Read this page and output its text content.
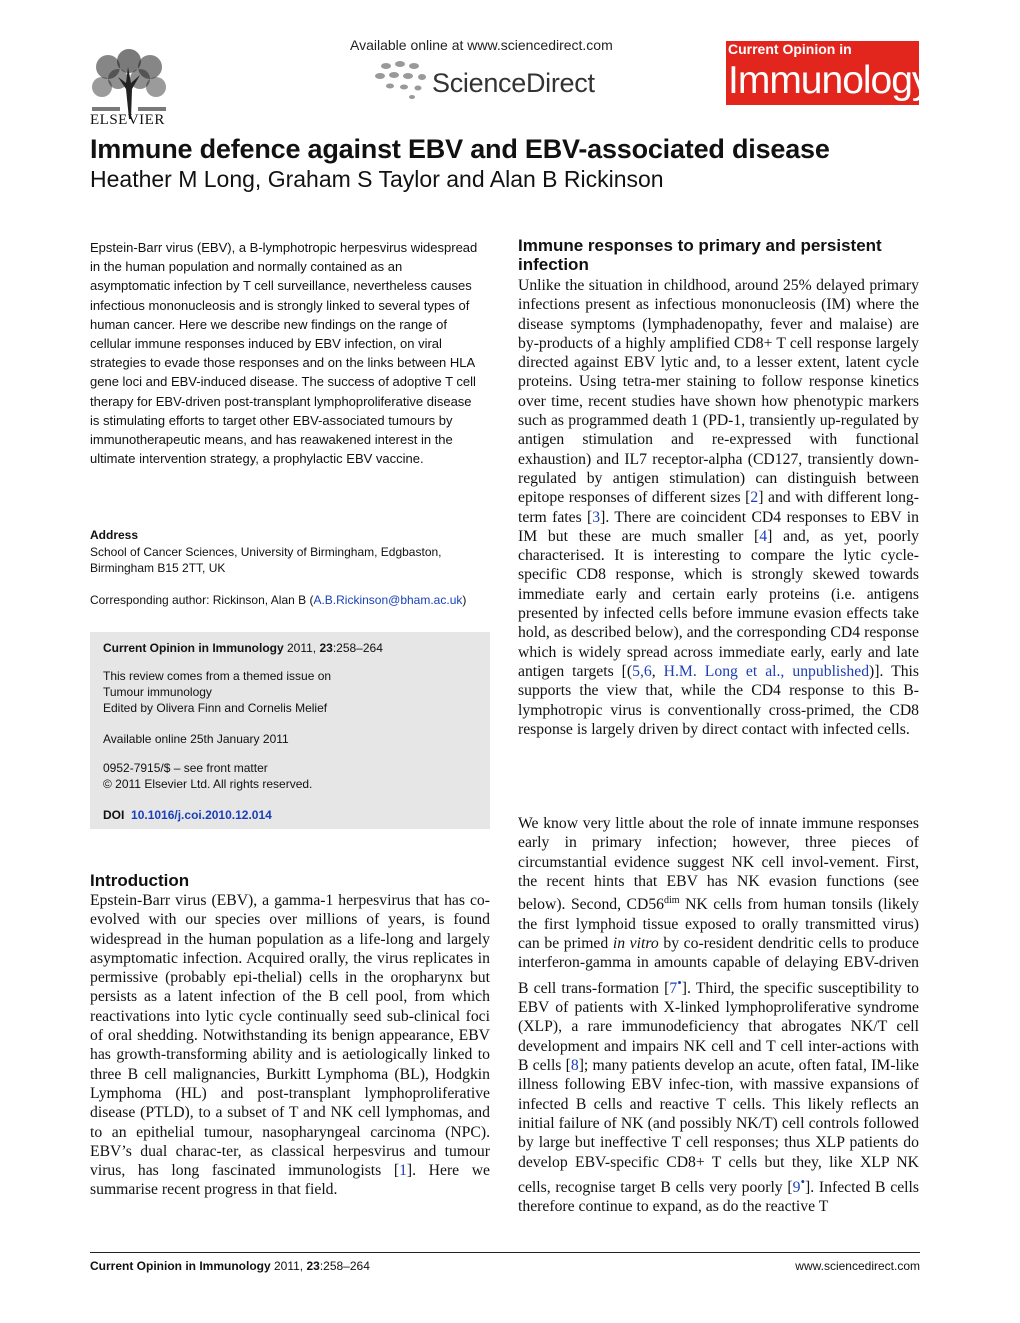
ELSEVIER
Available online at www.sciencedirect.com
ScienceDirect
Current Opinion in
Immunology
Immune defence against EBV and EBV-associated disease
Heather M Long, Graham S Taylor and Alan B Rickinson

Epstein-Barr virus (EBV), a B-lymphotropic herpesvirus widespread in the human population and normally contained as an asymptomatic infection by T cell surveillance, nevertheless causes infectious mononucleosis and is strongly linked to several types of human cancer. Here we describe new findings on the range of cellular immune responses induced by EBV infection, on viral strategies to evade those responses and on the links between HLA gene loci and EBV-induced disease. The success of adoptive T cell therapy for EBV-driven post-transplant lymphoproliferative disease is stimulating efforts to target other EBV-associated tumours by immunotherapeutic means, and has reawakened interest in the ultimate intervention strategy, a prophylactic EBV vaccine.

Address
School of Cancer Sciences, University of Birmingham, Edgbaston,
Birmingham B15 2TT, UK
Corresponding author: Rickinson, Alan B (A.B.Rickinson@bham.ac.uk)
Current Opinion in Immunology 2011, 23:258–264
This review comes from a themed issue on
Tumour immunology
Edited by Olivera Finn and Cornelis Melief
Available online 25th January 2011
0952-7915/$ – see front matter
© 2011 Elsevier Ltd. All rights reserved.
DOI 10.1016/j.coi.2010.12.014
Introduction

Epstein-Barr virus (EBV), a gamma-1 herpesvirus that has co-evolved with our species over millions of years, is found widespread in the human population as a life-long and largely asymptomatic infection. Acquired orally, the virus replicates in permissive (probably epi-thelial) cells in the oropharynx but persists as a latent infection of the B cell pool, from which reactivations into lytic cycle continually seed sub-clinical foci of oral shedding. Notwithstanding its benign appearance, EBV has growth-transforming ability and is aetiologically linked to three B cell malignancies, Burkitt Lymphoma (BL), Hodgkin Lymphoma (HL) and post-transplant lymphoproliferative disease (PTLD), to a subset of T and NK cell lymphomas, and to an epithelial tumour, nasopharyngeal carcinoma (NPC). EBV’s dual charac-ter, as classical herpesvirus and tumour virus, has long fascinated immunologists [1]. Here we summarise recent progress in that field.

Immune responses to primary and persistent infection

Unlike the situation in childhood, around 25% delayed primary infections present as infectious mononucleosis (IM) where the disease symptoms (lymphadenopathy, fever and malaise) are by-products of a highly amplified CD8+ T cell response largely directed against EBV lytic and, to a lesser extent, latent cycle proteins. Using tetra-mer staining to follow response kinetics over time, recent studies have shown how phenotypic markers such as programmed death 1 (PD-1, transiently up-regulated by antigen stimulation and re-expressed with functional exhaustion) and IL7 receptor-alpha (CD127, transiently down-regulated by antigen stimulation) can distinguish between epitope responses of different sizes [2] and with different long-term fates [3]. There are coincident CD4 responses to EBV in IM but these are much smaller [4] and, as yet, poorly characterised. It is interesting to compare the lytic cycle-specific CD8 response, which is strongly skewed towards immediate early and certain early proteins (i.e. antigens presented by infected cells before immune evasion effects take hold, as described below), and the corresponding CD4 response which is widely spread across immediate early, early and late antigen targets [(5,6, H.M. Long et al., unpublished)]. This supports the view that, while the CD4 response to this B-lymphotropic virus is conventionally cross-primed, the CD8 response is largely driven by direct contact with infected cells.

We know very little about the role of innate immune responses early in primary infection; however, three pieces of circumstantial evidence suggest NK cell invol-vement. First, the recent hints that EBV has NK evasion functions (see below). Second, $CD56^{dim}$ NK cells from human tonsils (likely the first lymphoid tissue exposed to orally transmitted virus) can be primed in vitro by co-resident dendritic cells to produce interferon-gamma in amounts capable of delaying EBV-driven B cell trans-formation [7•]. Third, the specific susceptibility to EBV of patients with X-linked lymphoproliferative syndrome (XLP), a rare immunodeficiency that abrogates NK/T cell development and impairs NK cell and T cell inter-actions with B cells [8]; many patients develop an acute, often fatal, IM-like illness following EBV infec-tion, with massive expansions of infected B cells and reactive T cells. This likely reflects an initial failure of NK (and possibly NK/T) cell controls followed by large but ineffective T cell responses; thus XLP patients do develop EBV-specific CD8+ T cells but they, like XLP NK cells, recognise target B cells very poorly [9•]. Infected B cells therefore continue to expand, as do the reactive T

Current Opinion in Immunology 2011, 23:258–264	www.sciencedirect.com
